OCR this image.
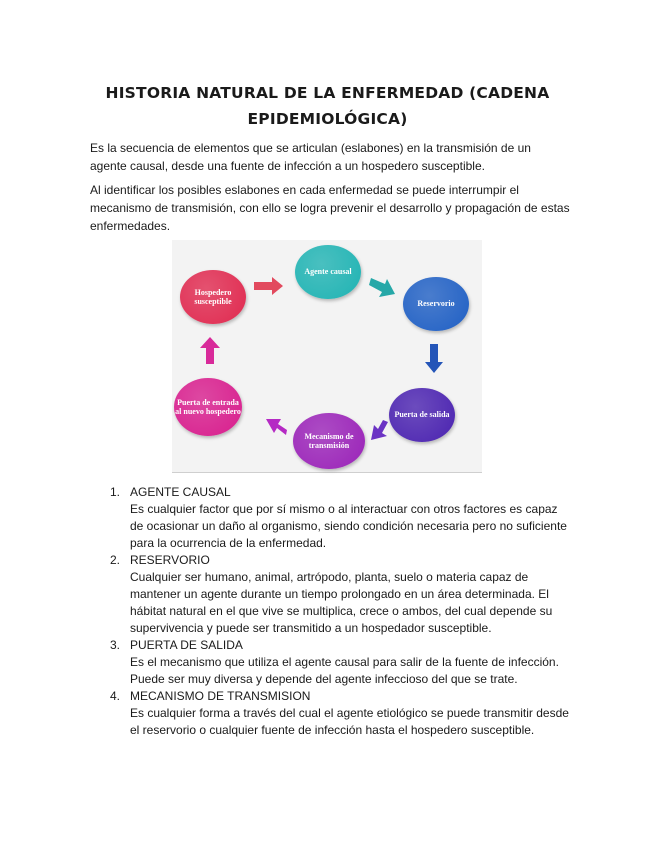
HISTORIA NATURAL DE LA ENFERMEDAD (CADENA
EPIDEMIOLÓGICA)

Es la secuencia de elementos que se articulan (eslabones) en la transmisión de un agente causal, desde una fuente de infección a un hospedero susceptible.

Al identificar los posibles eslabones en cada enfermedad se puede interrumpir el mecanismo de transmisión, con ello se logra prevenir el desarrollo y propagación de estas enfermedades.

Agente causal
Reservorio
Puerta de salida
Mecanismo de transmisión
Puerta de entrada al nuevo hospedero
Hospedero susceptible
1. AGENTE CAUSAL
Es cualquier factor que por sí mismo o al interactuar con otros factores es capaz de ocasionar un daño al organismo, siendo condición necesaria pero no suficiente para la ocurrencia de la enfermedad.
2. RESERVORIO
Cualquier ser humano, animal, artrópodo, planta, suelo o materia capaz de mantener un agente durante un tiempo prolongado en un área determinada. El hábitat natural en el que vive se multiplica, crece o ambos, del cual depende su supervivencia y puede ser transmitido a un hospedador susceptible.
3. PUERTA DE SALIDA
Es el mecanismo que utiliza el agente causal para salir de la fuente de infección. Puede ser muy diversa y depende del agente infeccioso del que se trate.
4. MECANISMO DE TRANSMISION
Es cualquier forma a través del cual el agente etiológico se puede transmitir desde el reservorio o cualquier fuente de infección hasta el hospedero susceptible.
